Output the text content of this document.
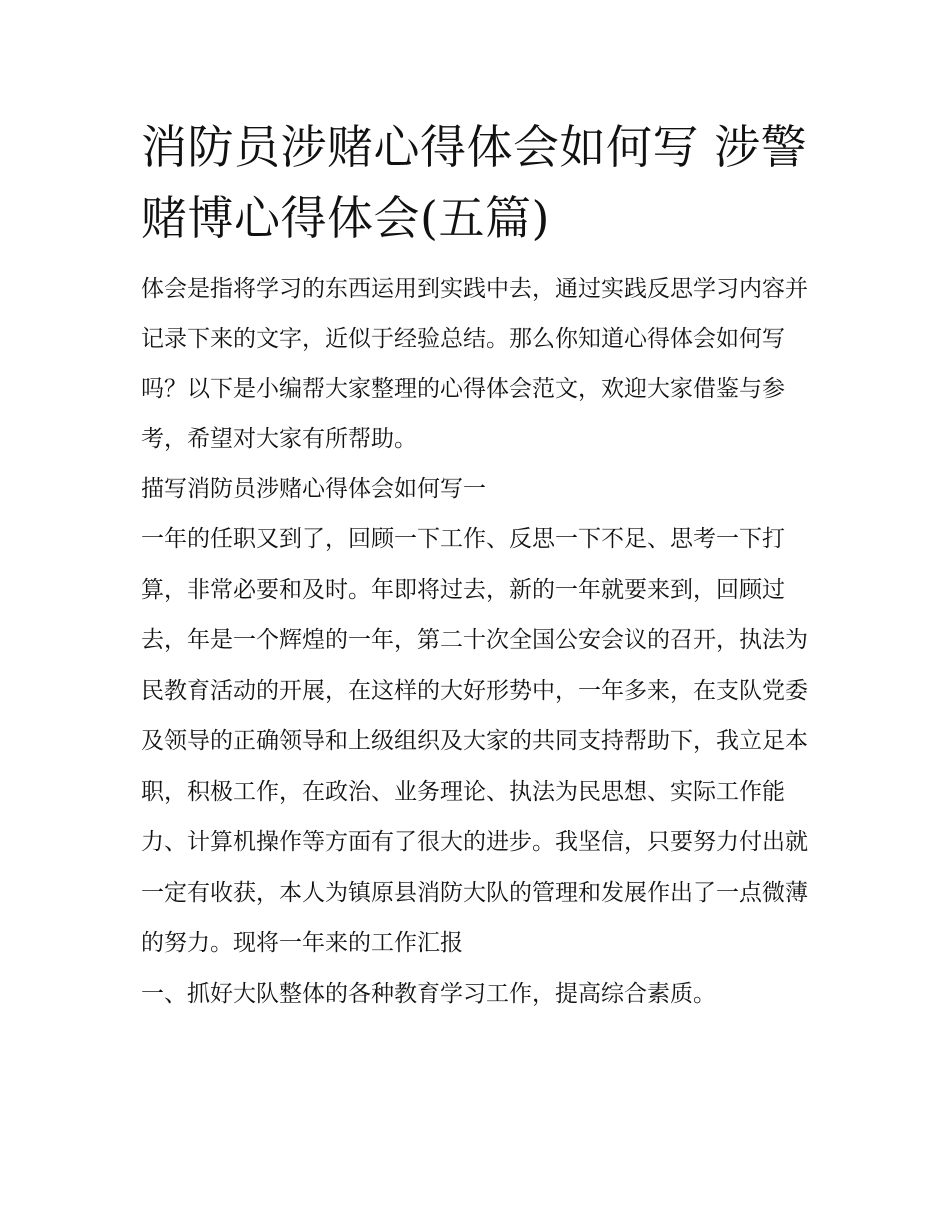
消防员涉赌心得体会如何写 涉警赌博心得体会(五篇)

体会是指将学习的东西运用到实践中去，通过实践反思学习内容并记录下来的文字，近似于经验总结。那么你知道心得体会如何写吗？以下是小编帮大家整理的心得体会范文，欢迎大家借鉴与参考，希望对大家有所帮助。

描写消防员涉赌心得体会如何写一

一年的任职又到了，回顾一下工作、反思一下不足、思考一下打算，非常必要和及时。年即将过去，新的一年就要来到，回顾过去，年是一个辉煌的一年，第二十次全国公安会议的召开，执法为民教育活动的开展，在这样的大好形势中，一年多来，在支队党委及领导的正确领导和上级组织及大家的共同支持帮助下，我立足本职，积极工作，在政治、业务理论、执法为民思想、实际工作能力、计算机操作等方面有了很大的进步。我坚信，只要努力付出就一定有收获，本人为镇原县消防大队的管理和发展作出了一点微薄的努力。现将一年来的工作汇报

一、抓好大队整体的各种教育学习工作，提高综合素质。
